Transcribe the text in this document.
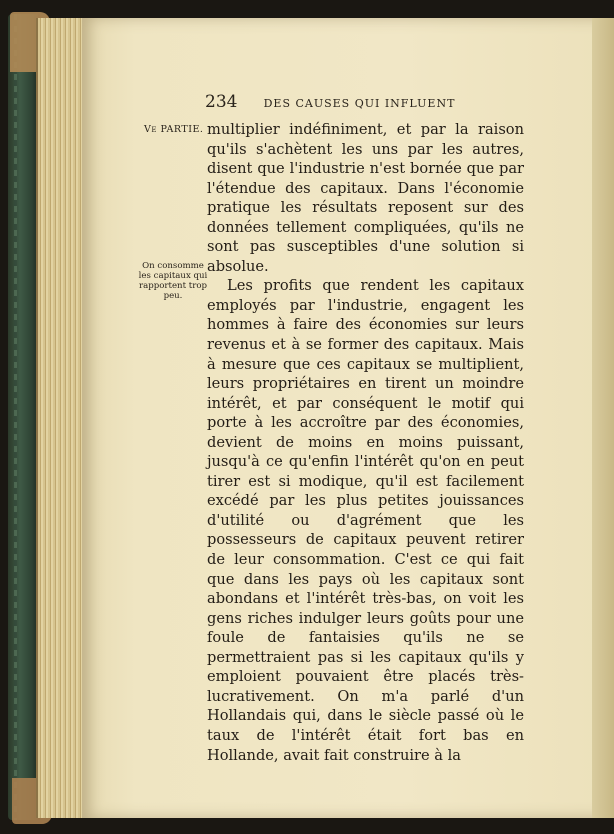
234 DES CAUSES QUI INFLUENT
Ve PARTIE.
On consomme les capitaux qui rapportent trop peu.

multiplier indéfiniment, et par la raison qu'ils s'achètent les uns par les autres, disent que l'industrie n'est bornée que par l'étendue des capitaux. Dans l'économie pratique les résultats reposent sur des données tellement compliquées, qu'ils ne sont pas susceptibles d'une solution si absolue.

Les profits que rendent les capitaux employés par l'industrie, engagent les hommes à faire des économies sur leurs revenus et à se former des capitaux. Mais à mesure que ces capitaux se multiplient, leurs propriétaires en tirent un moindre intérêt, et par conséquent le motif qui porte à les accroître par des économies, devient de moins en moins puissant, jusqu'à ce qu'enfin l'intérêt qu'on en peut tirer est si modique, qu'il est facilement excédé par les plus petites jouissances d'utilité ou d'agrément que les possesseurs de capitaux peuvent retirer de leur consommation. C'est ce qui fait que dans les pays où les capitaux sont abondans et l'intérêt très-bas, on voit les gens riches indulger leurs goûts pour une foule de fantaisies qu'ils ne se permettraient pas si les capitaux qu'ils y emploient pouvaient être placés très-lucrativement. On m'a parlé d'un Hollandais qui, dans le siècle passé où le taux de l'intérêt était fort bas en Hollande, avait fait construire à la
